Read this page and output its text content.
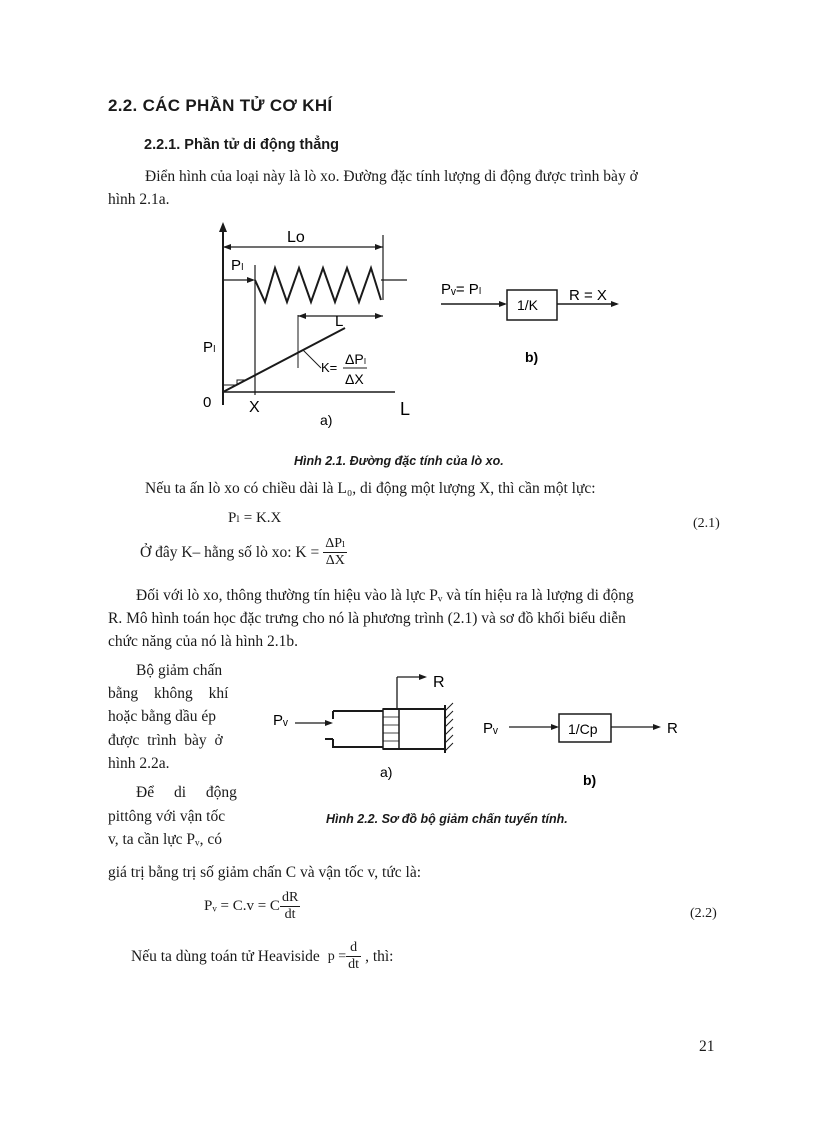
2.2. CÁC PHẦN TỬ CƠ KHÍ
2.2.1. Phần tử di động thẳng
Điển hình của loại này là lò xo. Đường đặc tính lượng di động được trình bày ở
hình 2.1a.
Lo
Pₗ
L
K=
ΔPₗ
ΔX
Pₗ
0 X	L
a)
Pᵥ= Pₗ
1/K
R = X
b)
Hình 2.1. Đường đặc tính của lò xo.
Nếu ta ấn lò xo có chiều dài là L₀, di động một lượng X, thì cần một lực:
Pₗ = K.X	(2.1)
Ở đây K– hằng số lò xo: $K = \frac{\text{ΔPₗ}}{\Delta X}$
Đối với lò xo, thông thường tín hiệu vào là lực Pᵥ và tín hiệu ra là lượng di động
R. Mô hình toán học đặc trưng cho nó là phương trình (2.1) và sơ đồ khối biểu diễn
chức năng của nó là hình 2.1b.
Bộ giảm chấn
bằng không khí
hoặc bằng dầu ép
được trình bày ở
hình 2.2a.
Để di động
pittông với vận tốc
v, ta cần lực Pᵥ, có
R
Pᵥ
a)
Pᵥ	1/Cp	R
b)
Hình 2.2. Sơ đồ bộ giảm chấn tuyến tính.
giá trị bằng trị số giảm chấn C và vận tốc v, tức là:
Pᵥ = C.v = C $\frac{dR}{dt}$	(2.2)
Nếu ta dùng toán tử Heaviside $p = \frac{d}{dt}$ , thì:
21
